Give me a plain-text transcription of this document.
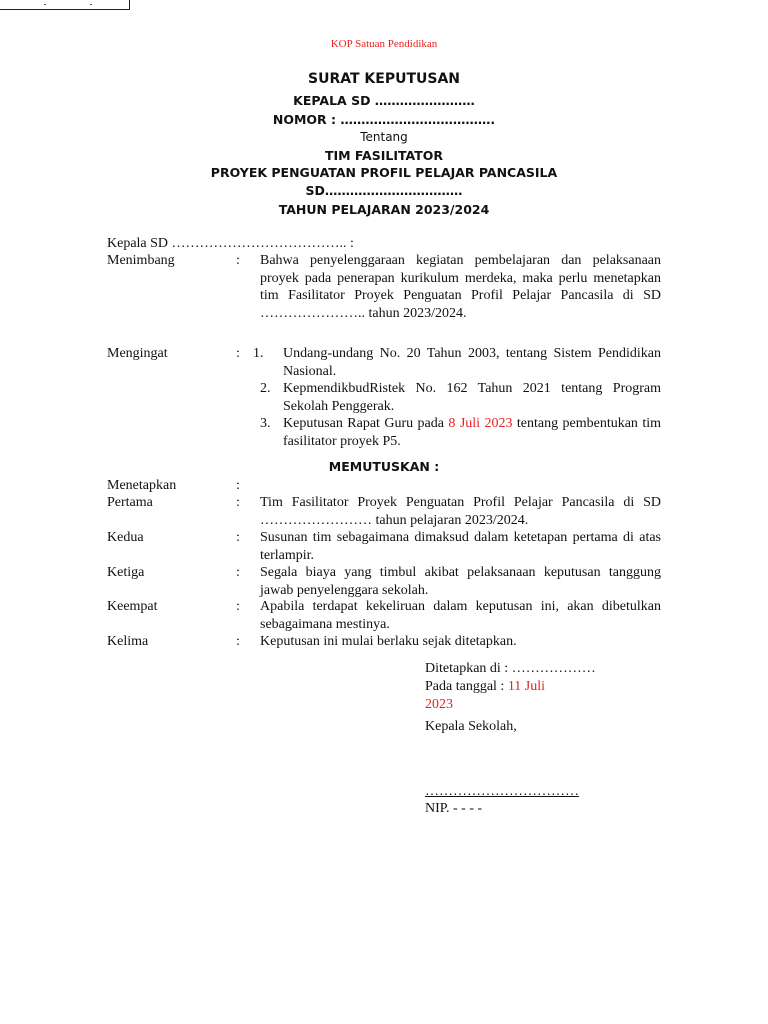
KOP Satuan Pendidikan
SURAT KEPUTUSAN
KEPALA SD ……………………
NOMOR : ……………………………….
Tentang
TIM FASILITATOR
PROYEK PENGUATAN PROFIL PELAJAR PANCASILA
SD……………………………
TAHUN PELAJARAN 2023/2024
Kepala SD ……………………………….. :
Menimbang	: Bahwa penyelenggaraan kegiatan pembelajaran dan pelaksanaan proyek pada penerapan kurikulum merdeka, maka perlu menetapkan tim Fasilitator Proyek Penguatan Profil Pelajar Pancasila di SD ………………….. tahun 2023/2024.
Mengingat	: 1. Undang-undang No. 20 Tahun 2003, tentang Sistem Pendidikan Nasional.
2. KepmendikbudRistek No. 162 Tahun 2021 tentang Program Sekolah Penggerak.
3. Keputusan Rapat Guru pada 8 Juli 2023 tentang pembentukan tim fasilitator proyek P5.
MEMUTUSKAN :
Menetapkan	:
Pertama	: Tim Fasilitator Proyek Penguatan Profil Pelajar Pancasila di SD …………………… tahun pelajaran 2023/2024.
Kedua	: Susunan tim sebagaimana dimaksud dalam ketetapan pertama di atas terlampir.
Ketiga	: Segala biaya yang timbul akibat pelaksanaan keputusan tanggung jawab penyelenggara sekolah.
Keempat	: Apabila terdapat kekeliruan dalam keputusan ini, akan dibetulkan sebagaimana mestinya.
Kelima	: Keputusan ini mulai berlaku sejak ditetapkan.
Ditetapkan di : ………………
Pada tanggal : 11 Juli
2023
Kepala Sekolah,
……………………………
NIP. - - - -
